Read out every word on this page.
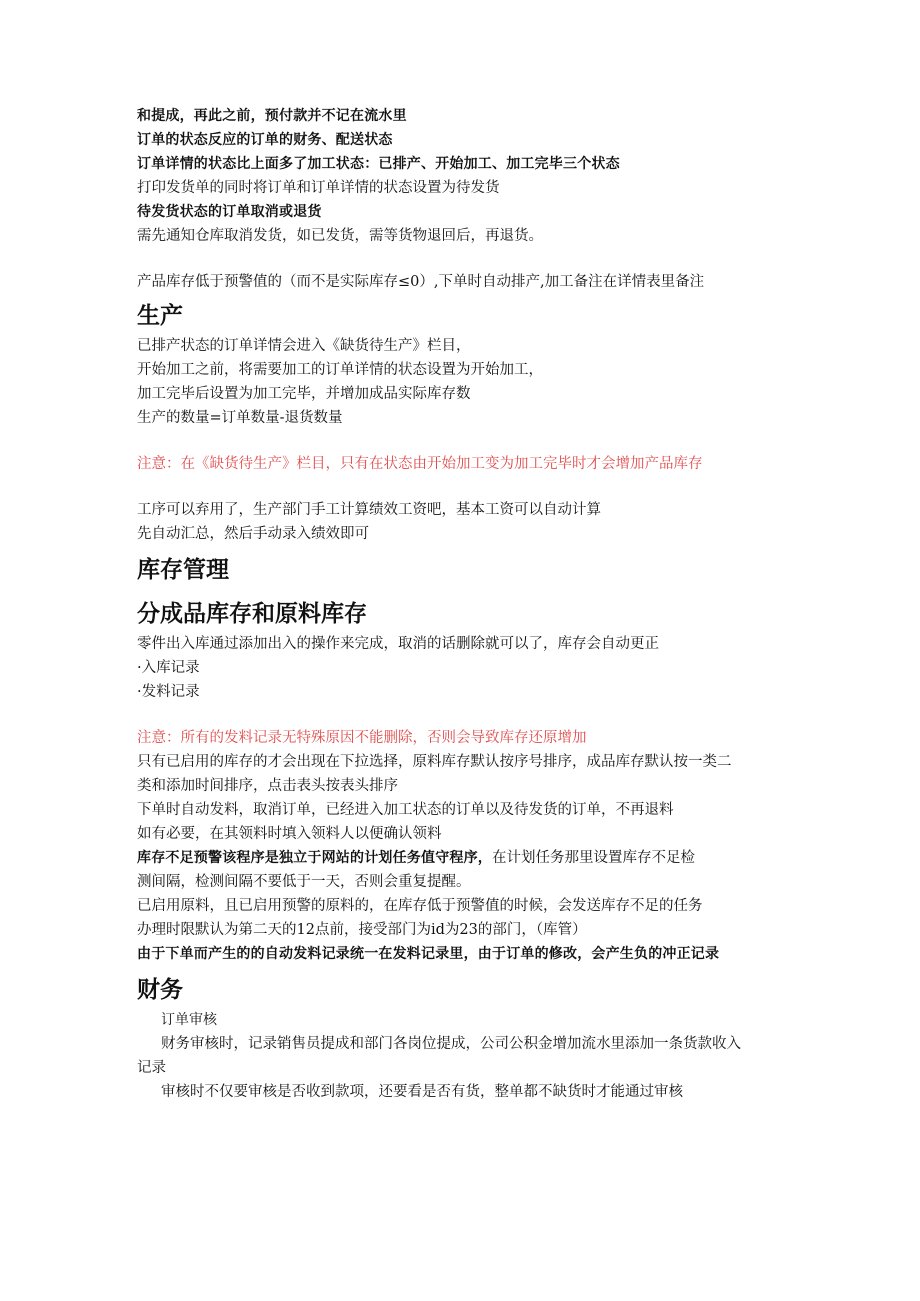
和提成，再此之前，预付款并不记在流水里

订单的状态反应的订单的财务、配送状态

订单详情的状态比上面多了加工状态：已排产、开始加工、加工完毕三个状态

打印发货单的同时将订单和订单详情的状态设置为待发货

待发货状态的订单取消或退货

需先通知仓库取消发货，如已发货，需等货物退回后，再退货。

产品库存低于预警值的（而不是实际库存≤0）,下单时自动排产,加工备注在详情表里备注

生产

已排产状态的订单详情会进入《缺货待生产》栏目，

开始加工之前，将需要加工的订单详情的状态设置为开始加工，

加工完毕后设置为加工完毕，并增加成品实际库存数

生产的数量=订单数量-退货数量

注意：在《缺货待生产》栏目，只有在状态由开始加工变为加工完毕时才会增加产品库存

工序可以弃用了，生产部门手工计算绩效工资吧，基本工资可以自动计算

先自动汇总，然后手动录入绩效即可

库存管理
分成品库存和原料库存

零件出入库通过添加出入的操作来完成，取消的话删除就可以了，库存会自动更正

·入库记录

·发料记录

注意：所有的发料记录无特殊原因不能删除，否则会导致库存还原增加

只有已启用的库存的才会出现在下拉选择，原料库存默认按序号排序，成品库存默认按一类二

类和添加时间排序，点击表头按表头排序

下单时自动发料，取消订单，已经进入加工状态的订单以及待发货的订单，不再退料

如有必要，在其领料时填入领料人以便确认领料

库存不足预警该程序是独立于网站的计划任务值守程序，在计划任务那里设置库存不足检

测间隔，检测间隔不要低于一天，否则会重复提醒。

已启用原料，且已启用预警的原料的，在库存低于预警值的时候，会发送库存不足的任务

办理时限默认为第二天的12点前，接受部门为id为23的部门，（库管）

由于下单而产生的的自动发料记录统一在发料记录里，由于订单的修改，会产生负的冲正记录

财务

订单审核

财务审核时，记录销售员提成和部门各岗位提成，公司公积金增加流水里添加一条货款收入

记录

审核时不仅要审核是否收到款项，还要看是否有货，整单都不缺货时才能通过审核
